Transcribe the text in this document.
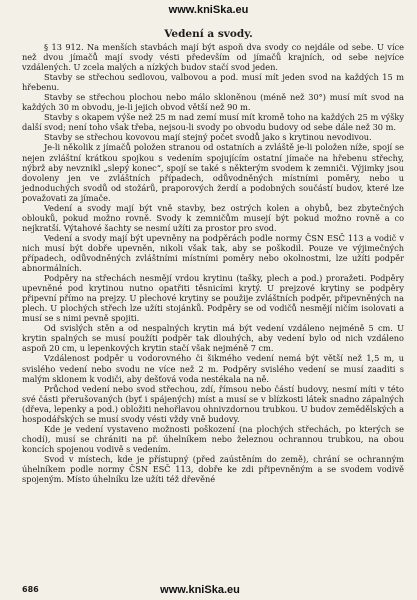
www.kniSka.eu
Vedení a svody.

§ 13 912. Na menších stavbách mají být aspoň dva svody co nejdále od sebe. U více než dvou jímačů mají svody vésti především od jímačů krajních, od sebe nejvíce vzdálených. U zcela malých a nízkých budov stačí svod jeden.

Stavby se střechou sedlovou, valbovou a pod. musí mít jeden svod na každých 15 m hřebenu.

Stavby se střechou plochou nebo málo skloněnou (méně než 30°) musí mít svod na každých 30 m obvodu, je-li jejich obvod větší než 90 m.

Stavby s okapem výše než 25 m nad zemí musí mít kromě toho na každých 25 m výšky další svod; není toho však třeba, nejsou-li svody po obvodu budovy od sebe dále než 30 m.

Stavby se střechou kovovou mají stejný počet svodů jako s krytinou nevodivou.

Je-li několik z jímačů položen stranou od ostatních a zvláště je-li položen níže, spojí se nejen zvláštní krátkou spojkou s vedením spojujícím ostatní jímače na hřebenu střechy, nýbrž aby nevznikl „slepý konec“, spojí se také s některým svodem k zemniči. Výjimky jsou dovoleny jen ve zvláštních případech, odůvodněných místními poměry, nebo u jednoduchých svodů od stožárů, praporových žerdí a podobných součástí budov, které lze považovati za jímače.

Vedení a svody mají být vně stavby, bez ostrých kolen a ohybů, bez zbytečných oblouků, pokud možno rovně. Svody k zemničům musejí být pokud možno rovně a co nejkratší. Výtahové šachty se nesmí užíti za prostor pro svod.

Vedení a svody mají být upevněny na podpěrách podle normy ČSN ESČ 113 a vodič v nich musí být dobře upevněn, nikoli však tak, aby se poškodil. Pouze ve výjimečných případech, odůvodněných zvláštními místními poměry nebo okolnostmi, lze užíti podpěr abnormálních.

Podpěry na střechách nesmějí vrdou krytinu (tašky, plech a pod.) proražeti. Podpěry upevněné pod krytinou nutno opatřiti těsnicími krytý. U prejzové krytiny se podpěry připevní přímo na prejzy. U plechové krytiny se použije zvláštních podpěr, připevněných na plech. U plochých střech lze užíti stojánků. Podpěry se od vodičů nesmějí ničím isolovati a musí se s nimi pevně spojiti.

Od svislých stěn a od nespalných krytin má být vedení vzdáleno nejméně 5 cm. U krytin spalných se musí použíti podpěr tak dlouhých, aby vedení bylo od nich vzdáleno aspoň 20 cm, u lepenkových krytin stačí však nejméně 7 cm.

Vzdálenost podpěr u vodorovného či šikmého vedení nemá být větší než 1,5 m, u svislého vedení nebo svodu ne více než 2 m. Podpěry svislého vedení se musí zaaditi s malým sklonem k vodiči, aby dešťová voda nestékala na ně.

Průchod vedení nebo svod střechou, zdí, římsou nebo částí budovy, nesmí míti v této své části přerušovaných (byť i spájených) míst a musí se v blízkosti látek snadno zápalných (dřeva, lepenky a pod.) obložiti nehořlavou ohnivzdornou trubkou. U budov zemědělských a hospodářských se musí svody vésti vždy vně budovy.

Kde je vedení vystaveno možnosti poškození (na plochých střechách, po kterých se chodí), musí se chrániti na př. úhelníkem nebo železnou ochrannou trubkou, na obou koncích spojenou vodivě s vedením.

Svod v místech, kde je přístupný (před zaústěním do země), chrání se ochranným úhelníkem podle normy ČSN ESČ 113, dobře ke zdi připevněným a se svodem vodivě spojeným. Místo úhelníku lze užíti též dřevěné

686	www.kniSka.eu
